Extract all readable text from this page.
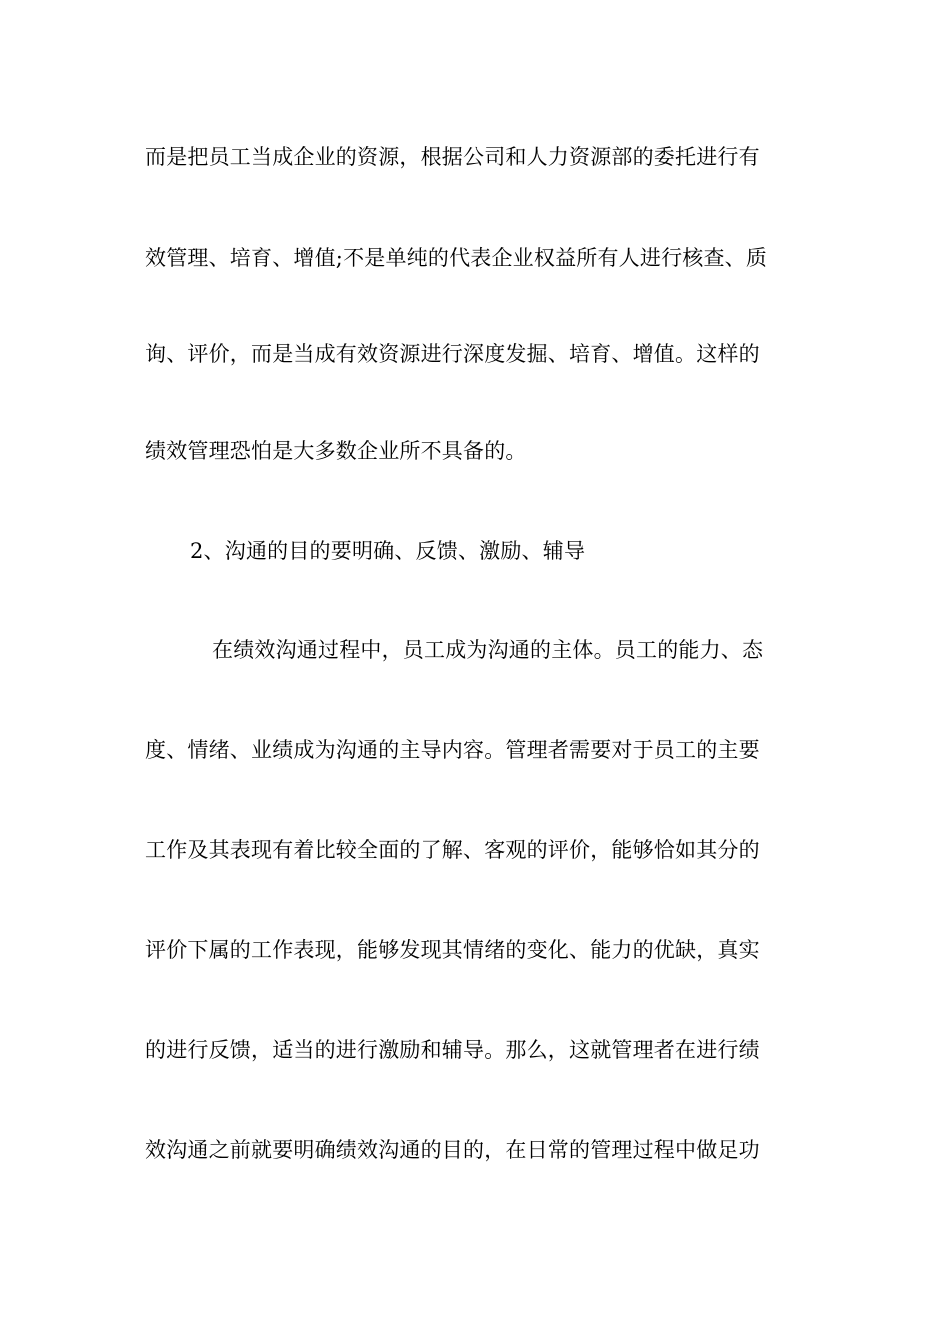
而是把员工当成企业的资源，根据公司和人力资源部的委托进行有
效管理、培育、增值;不是单纯的代表企业权益所有人进行核查、质
询、评价，而是当成有效资源进行深度发掘、培育、增值。这样的
绩效管理恐怕是大多数企业所不具备的。
2、沟通的目的要明确、反馈、激励、辅导
在绩效沟通过程中，员工成为沟通的主体。员工的能力、态
度、情绪、业绩成为沟通的主导内容。管理者需要对于员工的主要
工作及其表现有着比较全面的了解、客观的评价，能够恰如其分的
评价下属的工作表现，能够发现其情绪的变化、能力的优缺，真实
的进行反馈，适当的进行激励和辅导。那么，这就管理者在进行绩
效沟通之前就要明确绩效沟通的目的，在日常的管理过程中做足功
